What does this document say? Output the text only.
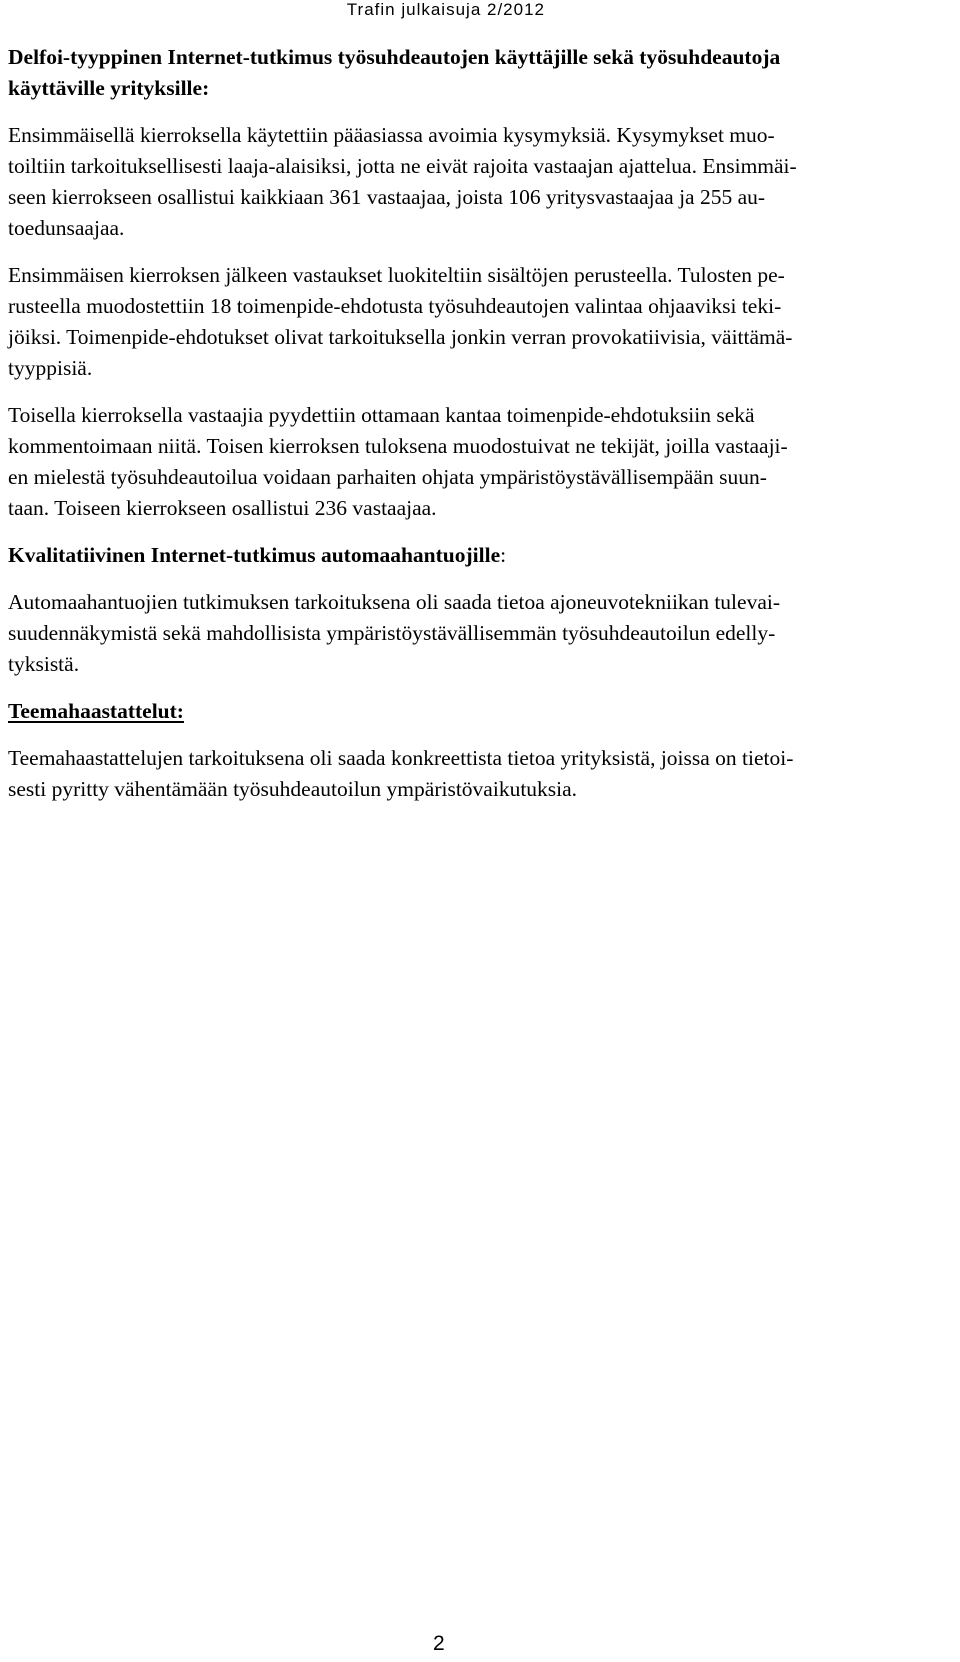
Trafin julkaisuja 2/2012
Delfoi-tyyppinen Internet-tutkimus työsuhdeautojen käyttäjille sekä työsuhdeautoja
käyttäville yrityksille:
Ensimmäisellä kierroksella käytettiin pääasiassa avoimia kysymyksiä. Kysymykset muo-
toiltiin tarkoituksellisesti laaja-alaisiksi, jotta ne eivät rajoita vastaajan ajattelua. Ensimmäi-
seen kierrokseen osallistui kaikkiaan 361 vastaajaa, joista 106 yritysvastaajaa ja 255 au-
toedunsaajaa.
Ensimmäisen kierroksen jälkeen vastaukset luokiteltiin sisältöjen perusteella. Tulosten pe-
rusteella muodostettiin 18 toimenpide-ehdotusta työsuhdeautojen valintaa ohjaaviksi teki-
jöiksi. Toimenpide-ehdotukset olivat tarkoituksella jonkin verran provokatiivisia, väittämä-
tyyppisiä.
Toisella kierroksella vastaajia pyydettiin ottamaan kantaa toimenpide-ehdotuksiin sekä
kommentoimaan niitä. Toisen kierroksen tuloksena muodostuivat ne tekijät, joilla vastaaji-
en mielestä työsuhdeautoilua voidaan parhaiten ohjata ympäristöystävällisempään suun-
taan. Toiseen kierrokseen osallistui 236 vastaajaa.
Kvalitatiivinen Internet-tutkimus automaahantuojille:
Automaahantuojien tutkimuksen tarkoituksena oli saada tietoa ajoneuvotekniikan tulevai-
suudennäkymistä sekä mahdollisista ympäristöystävällisemmän työsuhdeautoilun edelly-
tyksistä.
Teemahaastattelut:
Teemahaastattelujen tarkoituksena oli saada konkreettista tietoa yrityksistä, joissa on tietoi-
sesti pyritty vähentämään työsuhdeautoilun ympäristövaikutuksia.
2
